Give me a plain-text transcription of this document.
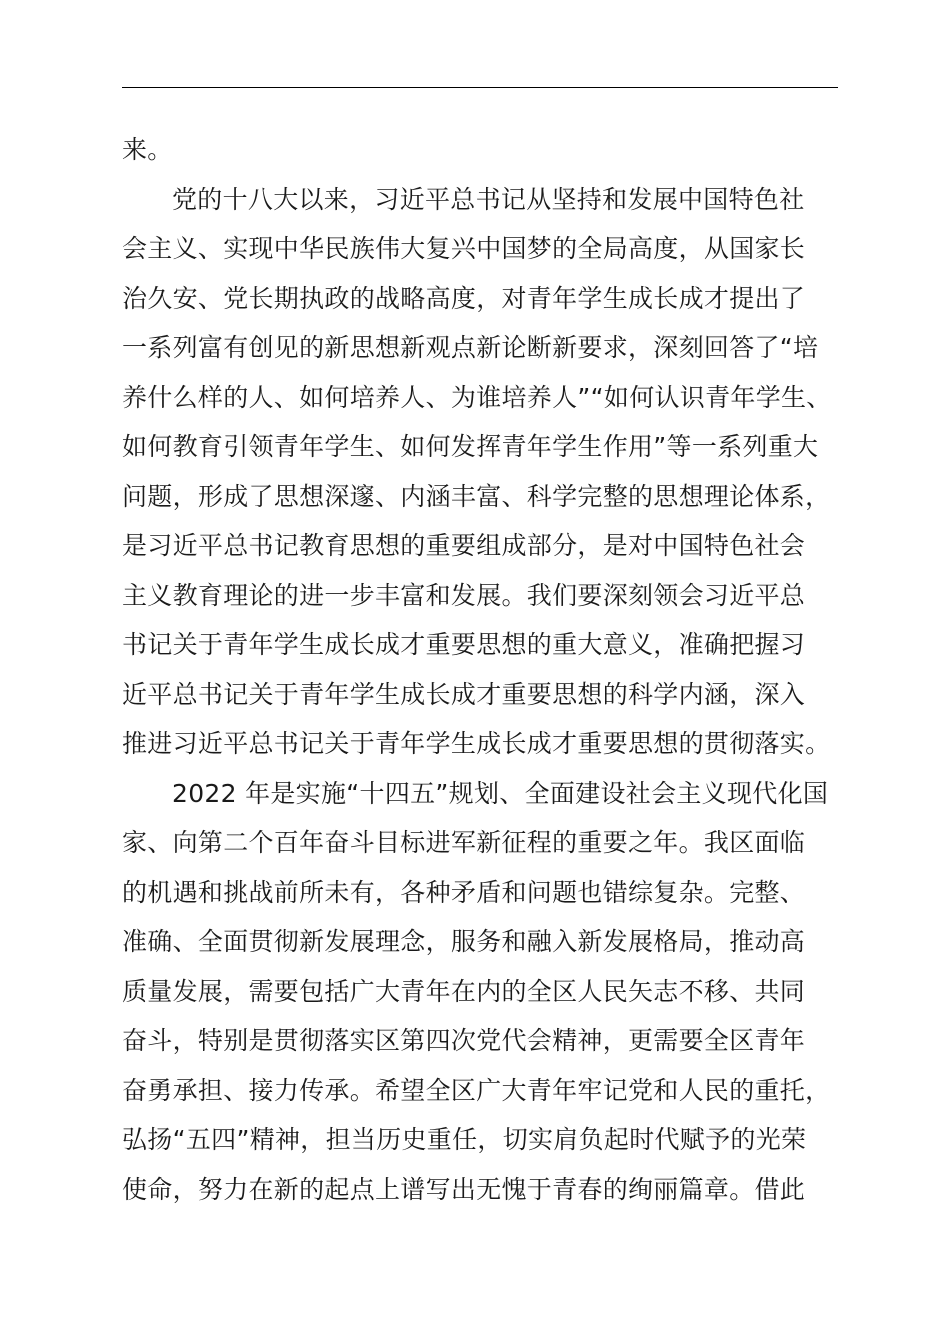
来。
党的十八大以来，习近平总书记从坚持和发展中国特色社
会主义、实现中华民族伟大复兴中国梦的全局高度，从国家长
治久安、党长期执政的战略高度，对青年学生成长成才提出了
一系列富有创见的新思想新观点新论断新要求，深刻回答了“培
养什么样的人、如何培养人、为谁培养人”“如何认识青年学生、
如何教育引领青年学生、如何发挥青年学生作用”等一系列重大
问题，形成了思想深邃、内涵丰富、科学完整的思想理论体系，
是习近平总书记教育思想的重要组成部分，是对中国特色社会
主义教育理论的进一步丰富和发展。我们要深刻领会习近平总
书记关于青年学生成长成才重要思想的重大意义，准确把握习
近平总书记关于青年学生成长成才重要思想的科学内涵，深入
推进习近平总书记关于青年学生成长成才重要思想的贯彻落实。
2022 年是实施“十四五”规划、全面建设社会主义现代化国
家、向第二个百年奋斗目标进军新征程的重要之年。我区面临
的机遇和挑战前所未有，各种矛盾和问题也错综复杂。完整、
准确、全面贯彻新发展理念，服务和融入新发展格局，推动高
质量发展，需要包括广大青年在内的全区人民矢志不移、共同
奋斗，特别是贯彻落实区第四次党代会精神，更需要全区青年
奋勇承担、接力传承。希望全区广大青年牢记党和人民的重托，
弘扬“五四”精神，担当历史重任，切实肩负起时代赋予的光荣
使命，努力在新的起点上谱写出无愧于青春的绚丽篇章。借此
